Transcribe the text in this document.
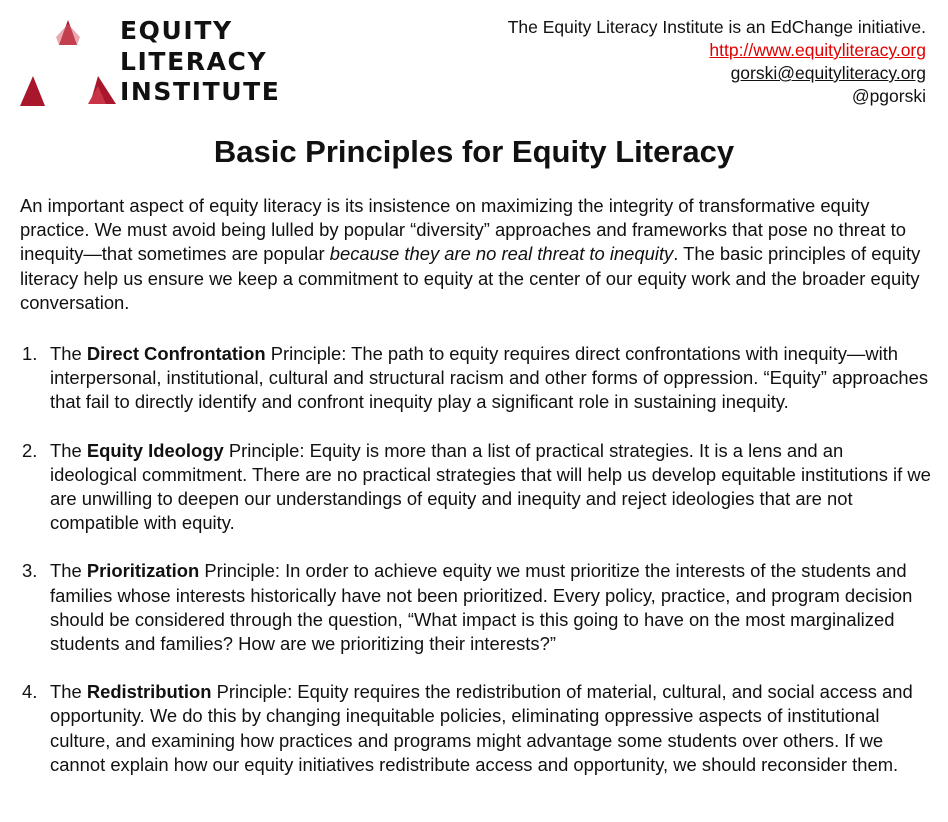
EQUITY
LITERACY
INSTITUTE
The Equity Literacy Institute is an EdChange initiative.
http://www.equityliteracy.org
gorski@equityliteracy.org
@pgorski
Basic Principles for Equity Literacy

An important aspect of equity literacy is its insistence on maximizing the integrity of transformative equity practice. We must avoid being lulled by popular “diversity” approaches and frameworks that pose no threat to inequity—that sometimes are popular because they are no real threat to inequity. The basic principles of equity literacy help us ensure we keep a commitment to equity at the center of our equity work and the broader equity conversation.

1. The Direct Confrontation Principle: The path to equity requires direct confrontations with inequity—with interpersonal, institutional, cultural and structural racism and other forms of oppression. “Equity” approaches that fail to directly identify and confront inequity play a significant role in sustaining inequity.
2. The Equity Ideology Principle: Equity is more than a list of practical strategies. It is a lens and an ideological commitment. There are no practical strategies that will help us develop equitable institutions if we are unwilling to deepen our understandings of equity and inequity and reject ideologies that are not compatible with equity.
3. The Prioritization Principle: In order to achieve equity we must prioritize the interests of the students and families whose interests historically have not been prioritized. Every policy, practice, and program decision should be considered through the question, “What impact is this going to have on the most marginalized students and families? How are we prioritizing their interests?”
4. The Redistribution Principle: Equity requires the redistribution of material, cultural, and social access and opportunity. We do this by changing inequitable policies, eliminating oppressive aspects of institutional culture, and examining how practices and programs might advantage some students over others. If we cannot explain how our equity initiatives redistribute access and opportunity, we should reconsider them.
